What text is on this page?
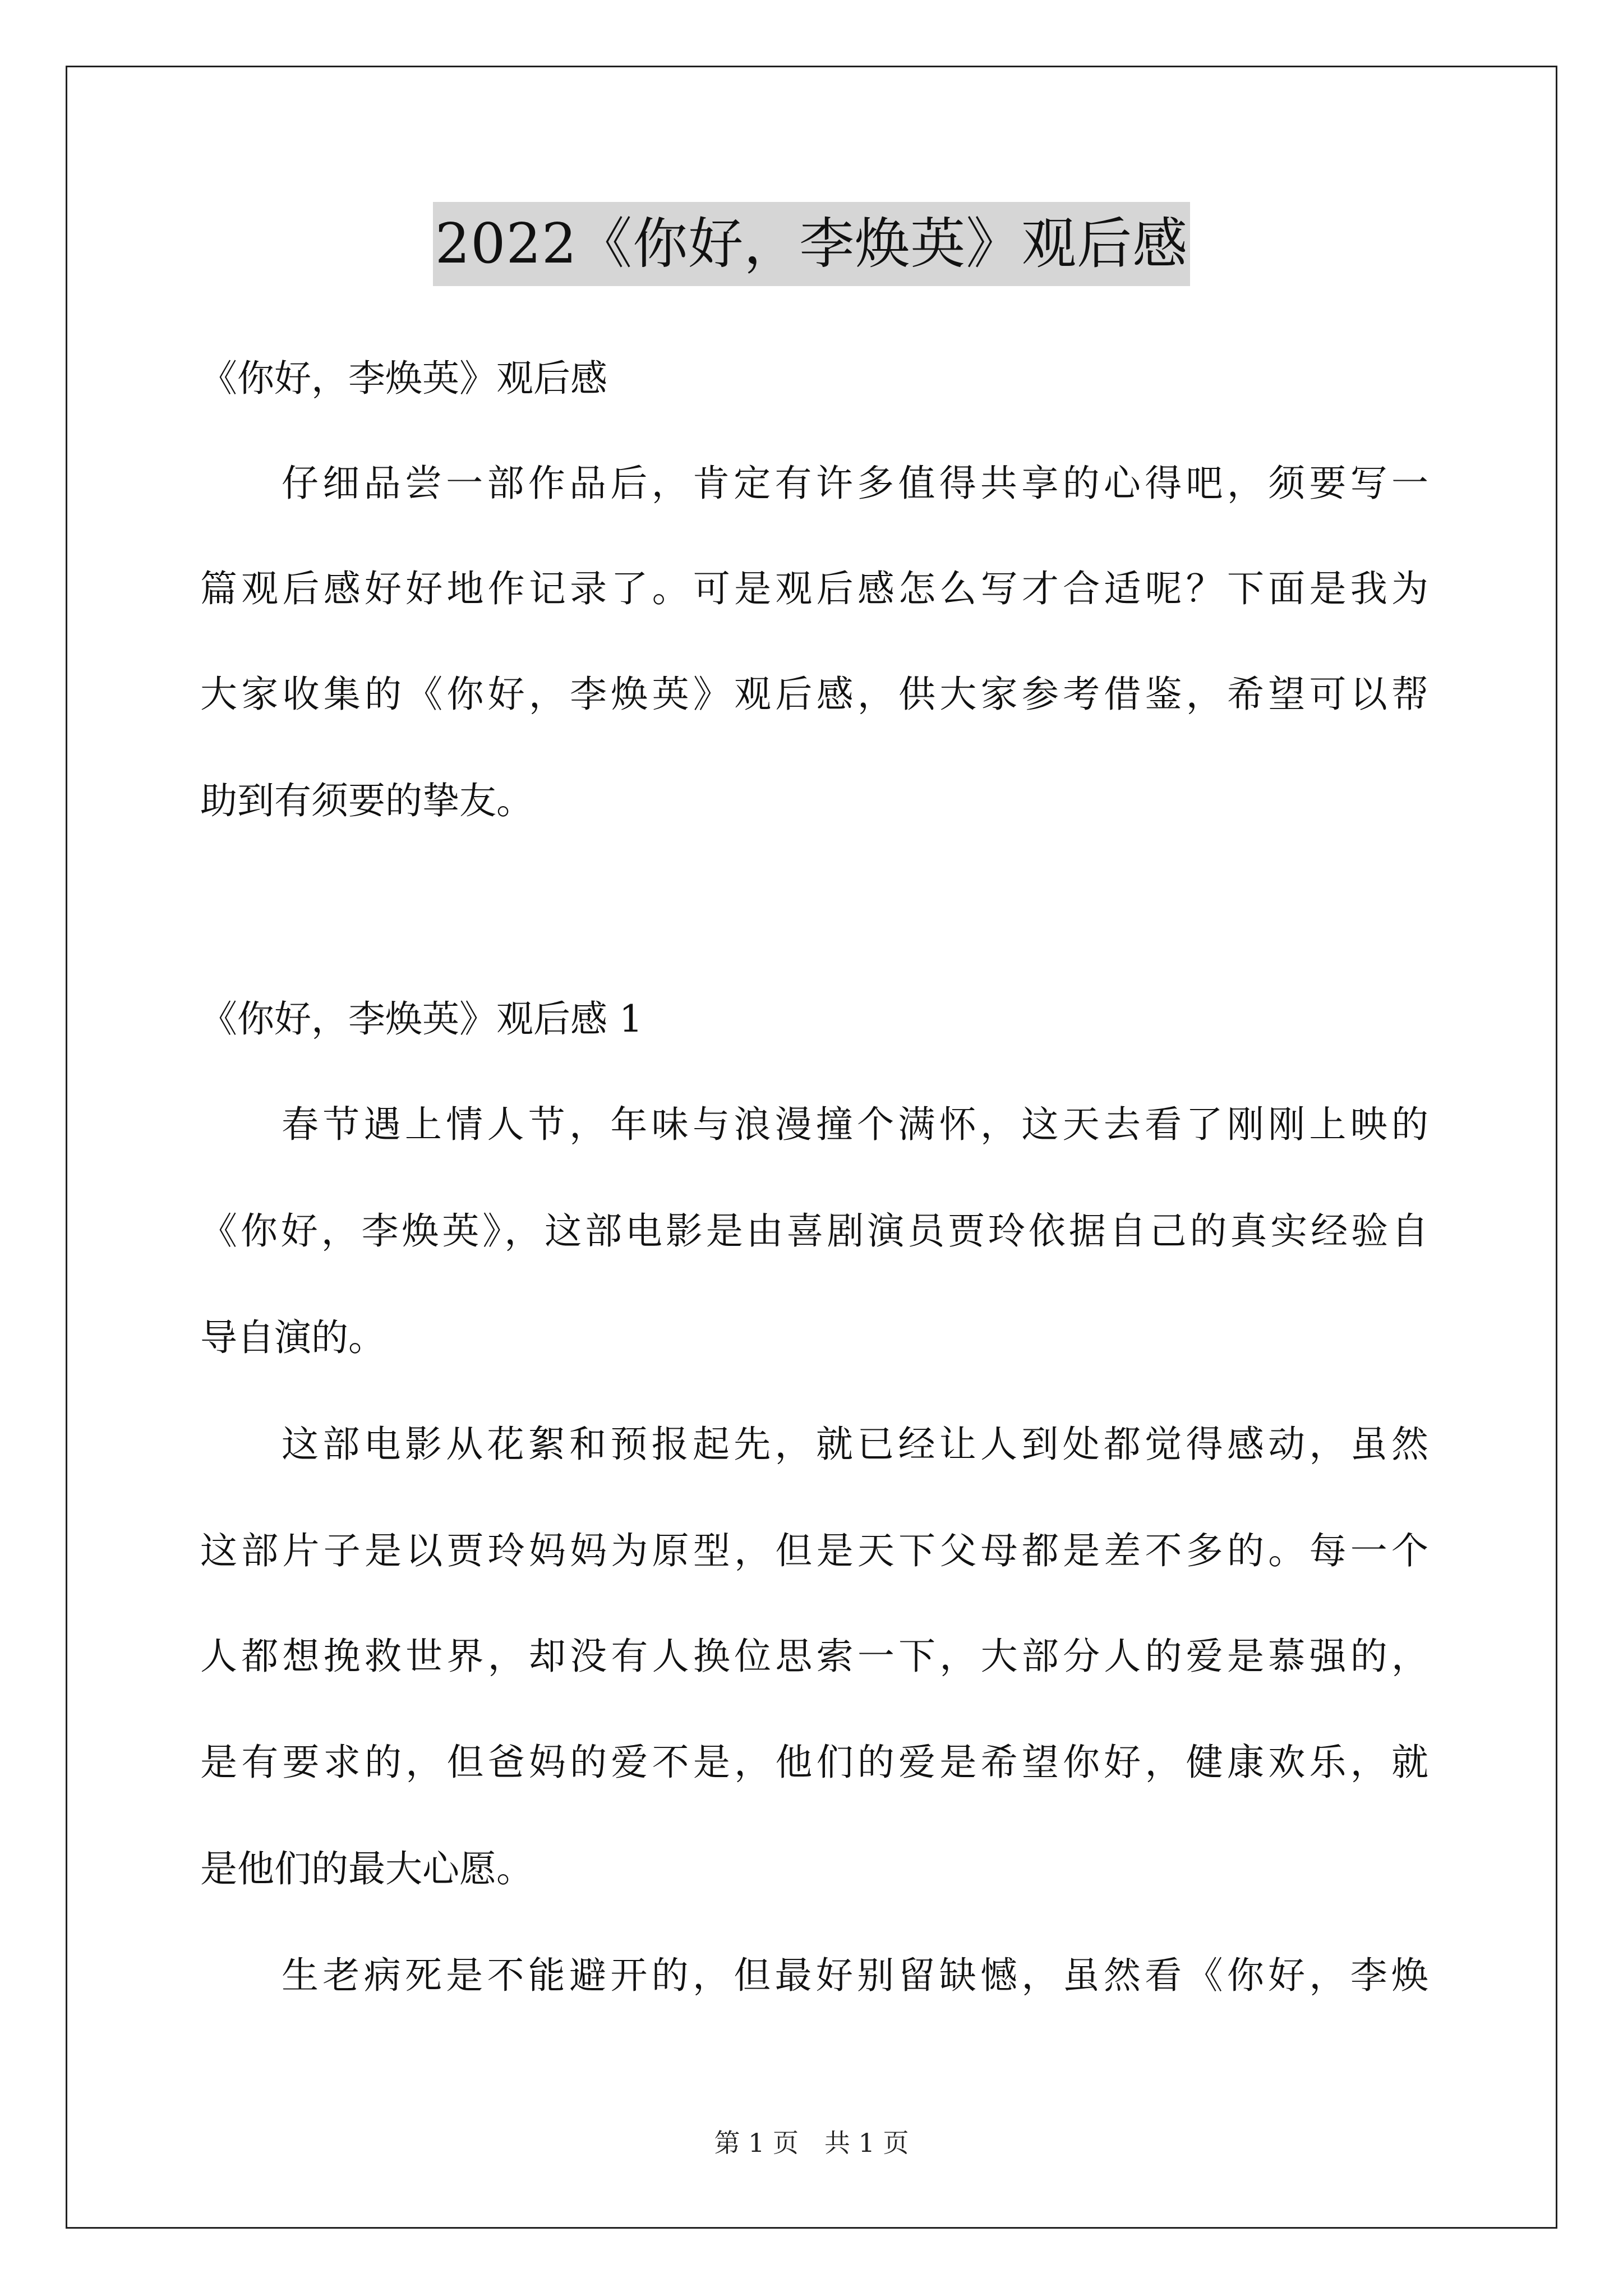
2022《你好，李焕英》观后感
《你好，李焕英》观后感
仔细品尝一部作品后，肯定有许多值得共享的心得吧，须要写一
篇观后感好好地作记录了。可是观后感怎么写才合适呢？下面是我为
大家收集的《你好，李焕英》观后感，供大家参考借鉴，希望可以帮
助到有须要的挚友。
《你好，李焕英》观后感 1
春节遇上情人节，年味与浪漫撞个满怀，这天去看了刚刚上映的
《你好，李焕英》，这部电影是由喜剧演员贾玲依据自己的真实经验自
导自演的。
这部电影从花絮和预报起先，就已经让人到处都觉得感动，虽然
这部片子是以贾玲妈妈为原型，但是天下父母都是差不多的。每一个
人都想挽救世界，却没有人换位思索一下，大部分人的爱是慕强的，
是有要求的，但爸妈的爱不是，他们的爱是希望你好，健康欢乐，就
是他们的最大心愿。
生老病死是不能避开的，但最好别留缺憾，虽然看《你好，李焕
第 1 页　共 1 页
